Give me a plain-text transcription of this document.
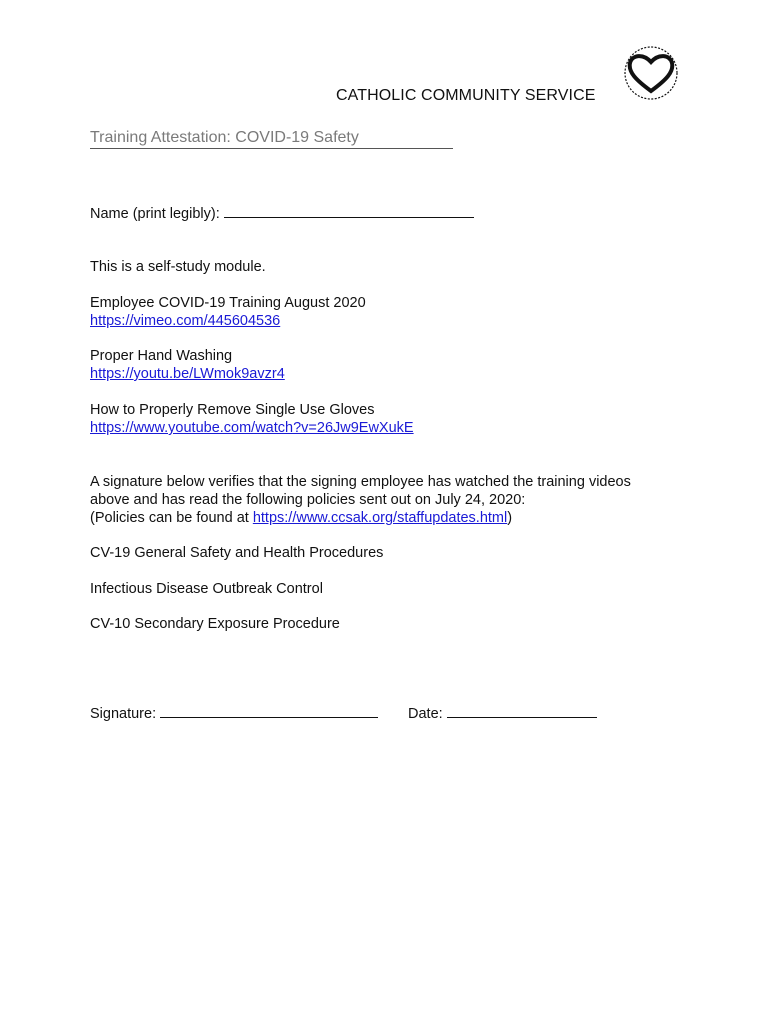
CATHOLIC COMMUNITY SERVICE
Training Attestation: COVID-19 Safety
Name (print legibly):
This is a self-study module.
Employee COVID-19 Training August 2020
https://vimeo.com/445604536
Proper Hand Washing
https://youtu.be/LWmok9avzr4
How to Properly Remove Single Use Gloves
https://www.youtube.com/watch?v=26Jw9EwXukE
A signature below verifies that the signing employee has watched the training videos
above and has read the following policies sent out on July 24, 2020:
(Policies can be found at https://www.ccsak.org/staffupdates.html)
CV-19 General Safety and Health Procedures
Infectious Disease Outbreak Control
CV-10 Secondary Exposure Procedure
Signature:	Date:
